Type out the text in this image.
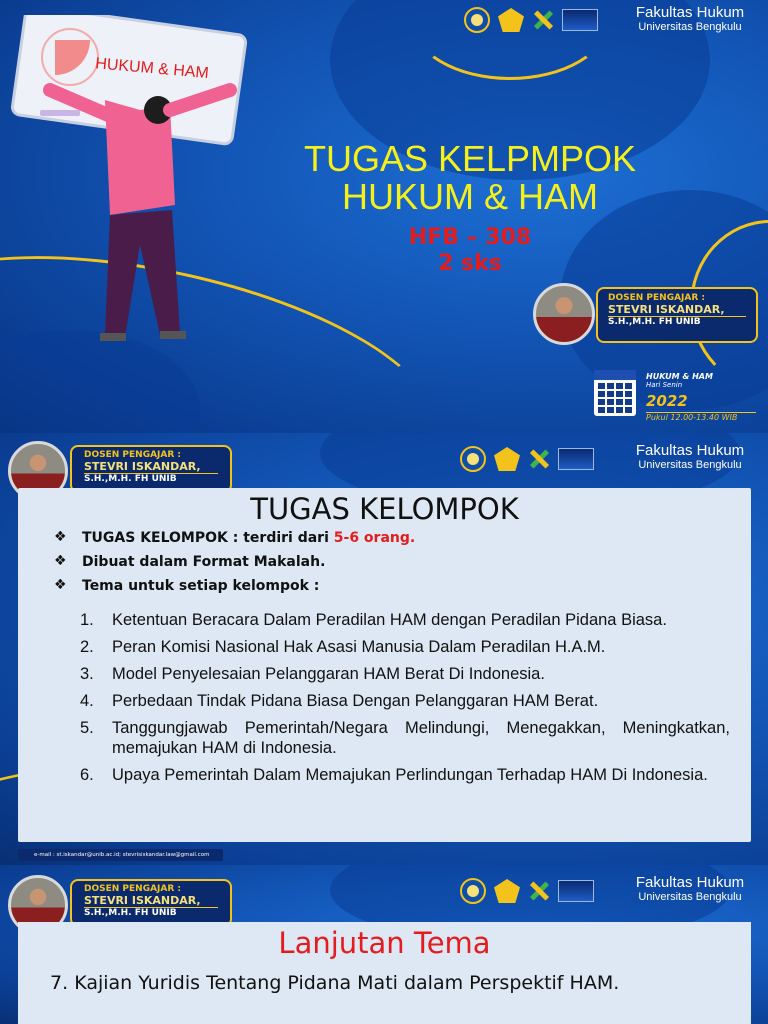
Fakultas Hukum
Universitas Bengkulu
HUKUM & HAM
TUGAS KELPMPOK
HUKUM & HAM
HFB – 308
2 sks
DOSEN PENGAJAR :
STEVRI ISKANDAR,
S.H.,M.H. FH UNIB
HUKUM & HAM
Hari Senin
2022
Pukul 12.00-13.40 WIB
DOSEN PENGAJAR :
STEVRI ISKANDAR,
S.H.,M.H. FH UNIB
Fakultas Hukum
Universitas Bengkulu
TUGAS KELOMPOK
❖ TUGAS KELOMPOK : terdiri dari 5-6 orang.
❖ Dibuat dalam Format Makalah.
❖ Tema untuk setiap kelompok :
1. Ketentuan Beracara Dalam Peradilan HAM dengan Peradilan Pidana Biasa.
2. Peran Komisi Nasional Hak Asasi Manusia Dalam Peradilan H.A.M.
3. Model Penyelesaian Pelanggaran HAM Berat Di Indonesia.
4. Perbedaan Tindak Pidana Biasa Dengan Pelanggaran HAM Berat.
5. Tanggungjawab Pemerintah/Negara Melindungi, Menegakkan, Meningkatkan, memajukan HAM di Indonesia.
6. Upaya Pemerintah Dalam Memajukan Perlindungan Terhadap HAM Di Indonesia.
e-mail : st.iskandar@unib.ac.id; stevrisiskandar.law@gmail.com
DOSEN PENGAJAR :
STEVRI ISKANDAR,
S.H.,M.H. FH UNIB
Fakultas Hukum
Universitas Bengkulu
Lanjutan Tema
7. Kajian Yuridis Tentang Pidana Mati dalam Perspektif HAM.
